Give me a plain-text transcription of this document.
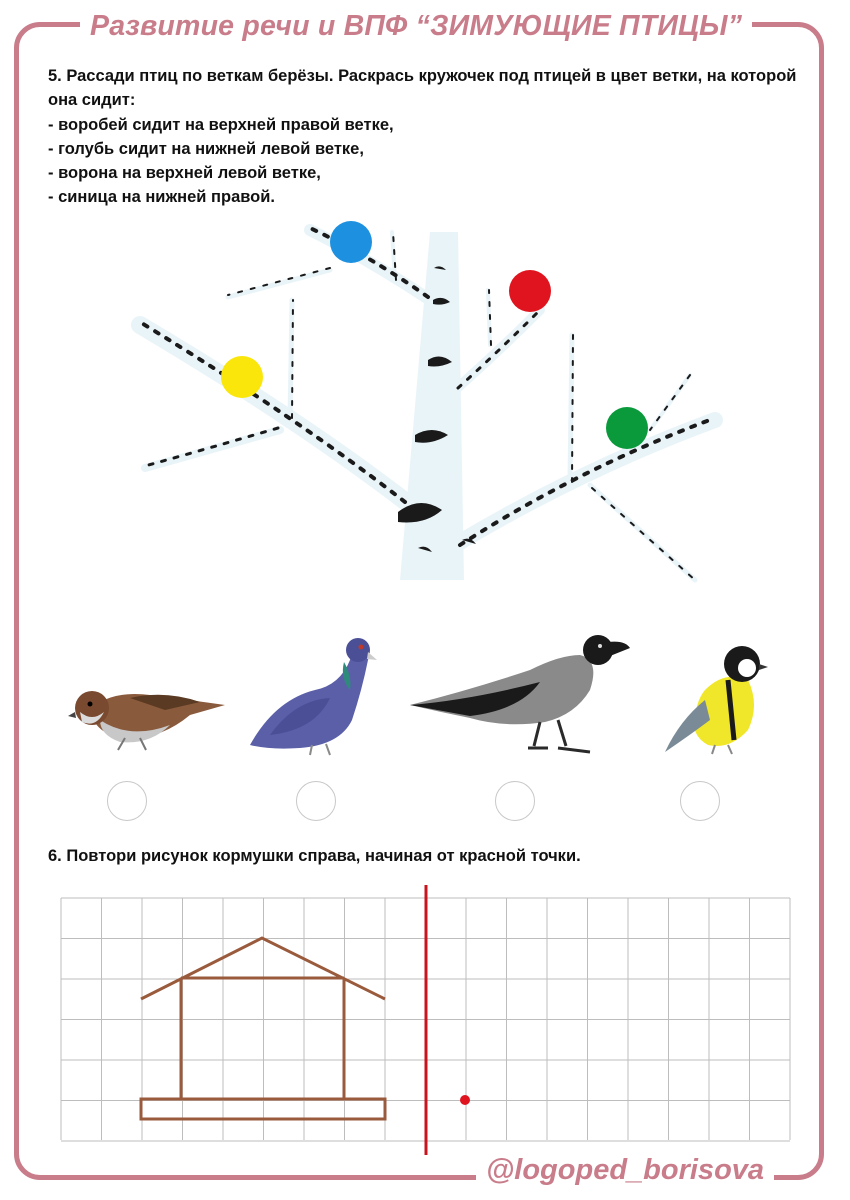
Развитие речи и ВПФ “ЗИМУЮЩИЕ ПТИЦЫ”

5. Рассади птиц по веткам берёзы. Раскрась кружочек под птицей в цвет ветки, на которой она сидит:

- воробей сидит на верхней правой ветке,

- голубь сидит на нижней левой ветке,

- ворона на верхней левой ветке,

- синица на нижней правой.

6. Повтори рисунок кормушки справа, начиная от красной точки.
@logoped_borisova
